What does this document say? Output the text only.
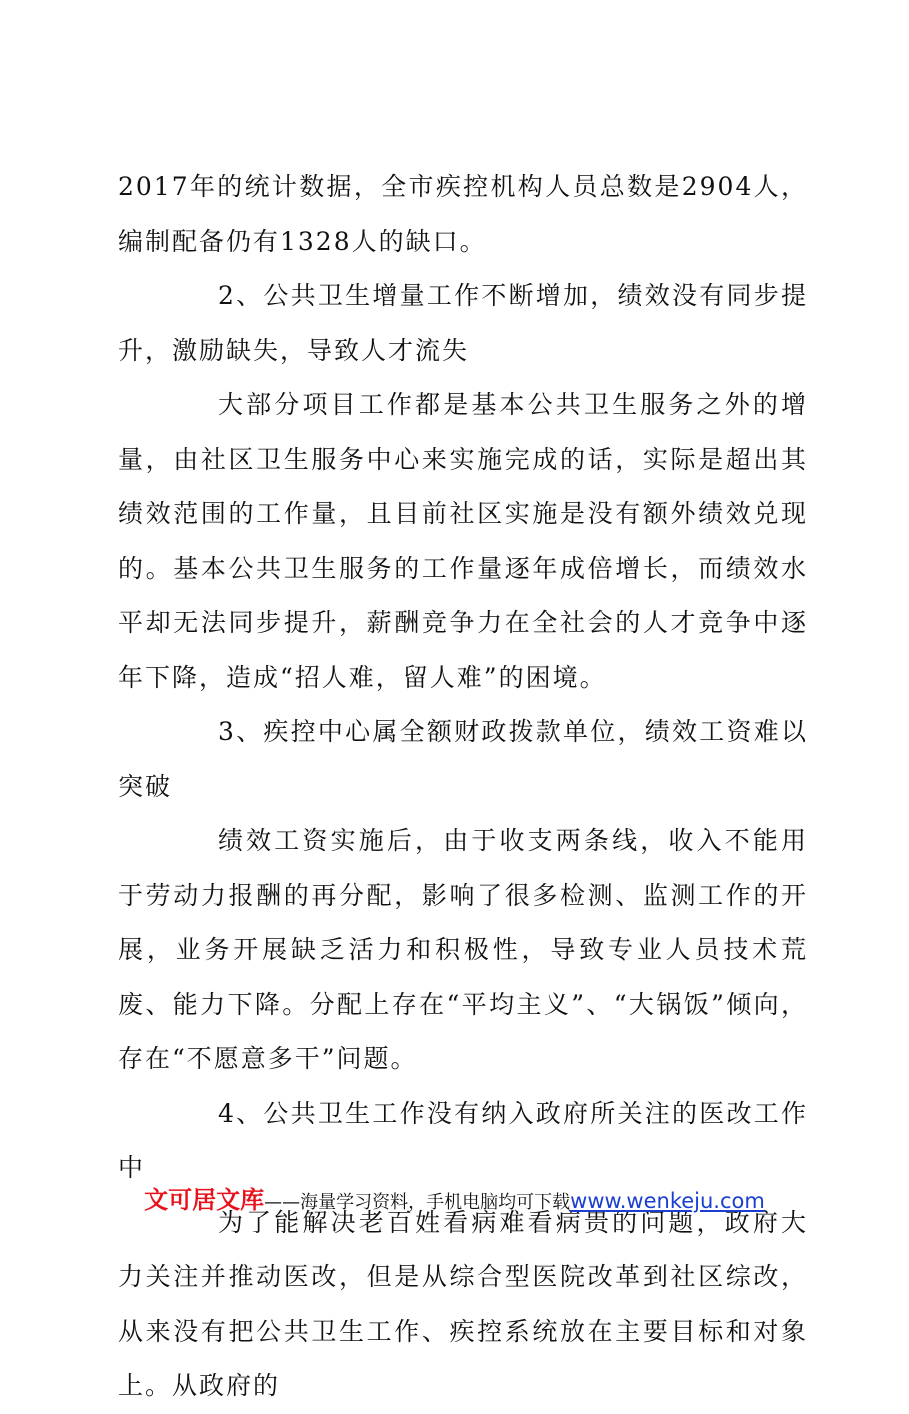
2017年的统计数据，全市疾控机构人员总数是2904人，编制配备仍有1328人的缺口。

2、公共卫生增量工作不断增加，绩效没有同步提升，激励缺失，导致人才流失

大部分项目工作都是基本公共卫生服务之外的增量，由社区卫生服务中心来实施完成的话，实际是超出其绩效范围的工作量，且目前社区实施是没有额外绩效兑现的。基本公共卫生服务的工作量逐年成倍增长，而绩效水平却无法同步提升，薪酬竞争力在全社会的人才竞争中逐年下降，造成“招人难，留人难”的困境。

3、疾控中心属全额财政拨款单位，绩效工资难以突破

绩效工资实施后，由于收支两条线，收入不能用于劳动力报酬的再分配，影响了很多检测、监测工作的开展，业务开展缺乏活力和积极性，导致专业人员技术荒废、能力下降。分配上存在“平均主义”、“大锅饭”倾向，存在“不愿意多干”问题。

4、公共卫生工作没有纳入政府所关注的医改工作中

为了能解决老百姓看病难看病贵的问题，政府大力关注并推动医改，但是从综合型医院改革到社区综改，从来没有把公共卫生工作、疾控系统放在主要目标和对象上。从政府的

文可居文库——海量学习资料，手机电脑均可下载www.wenkeju.com
